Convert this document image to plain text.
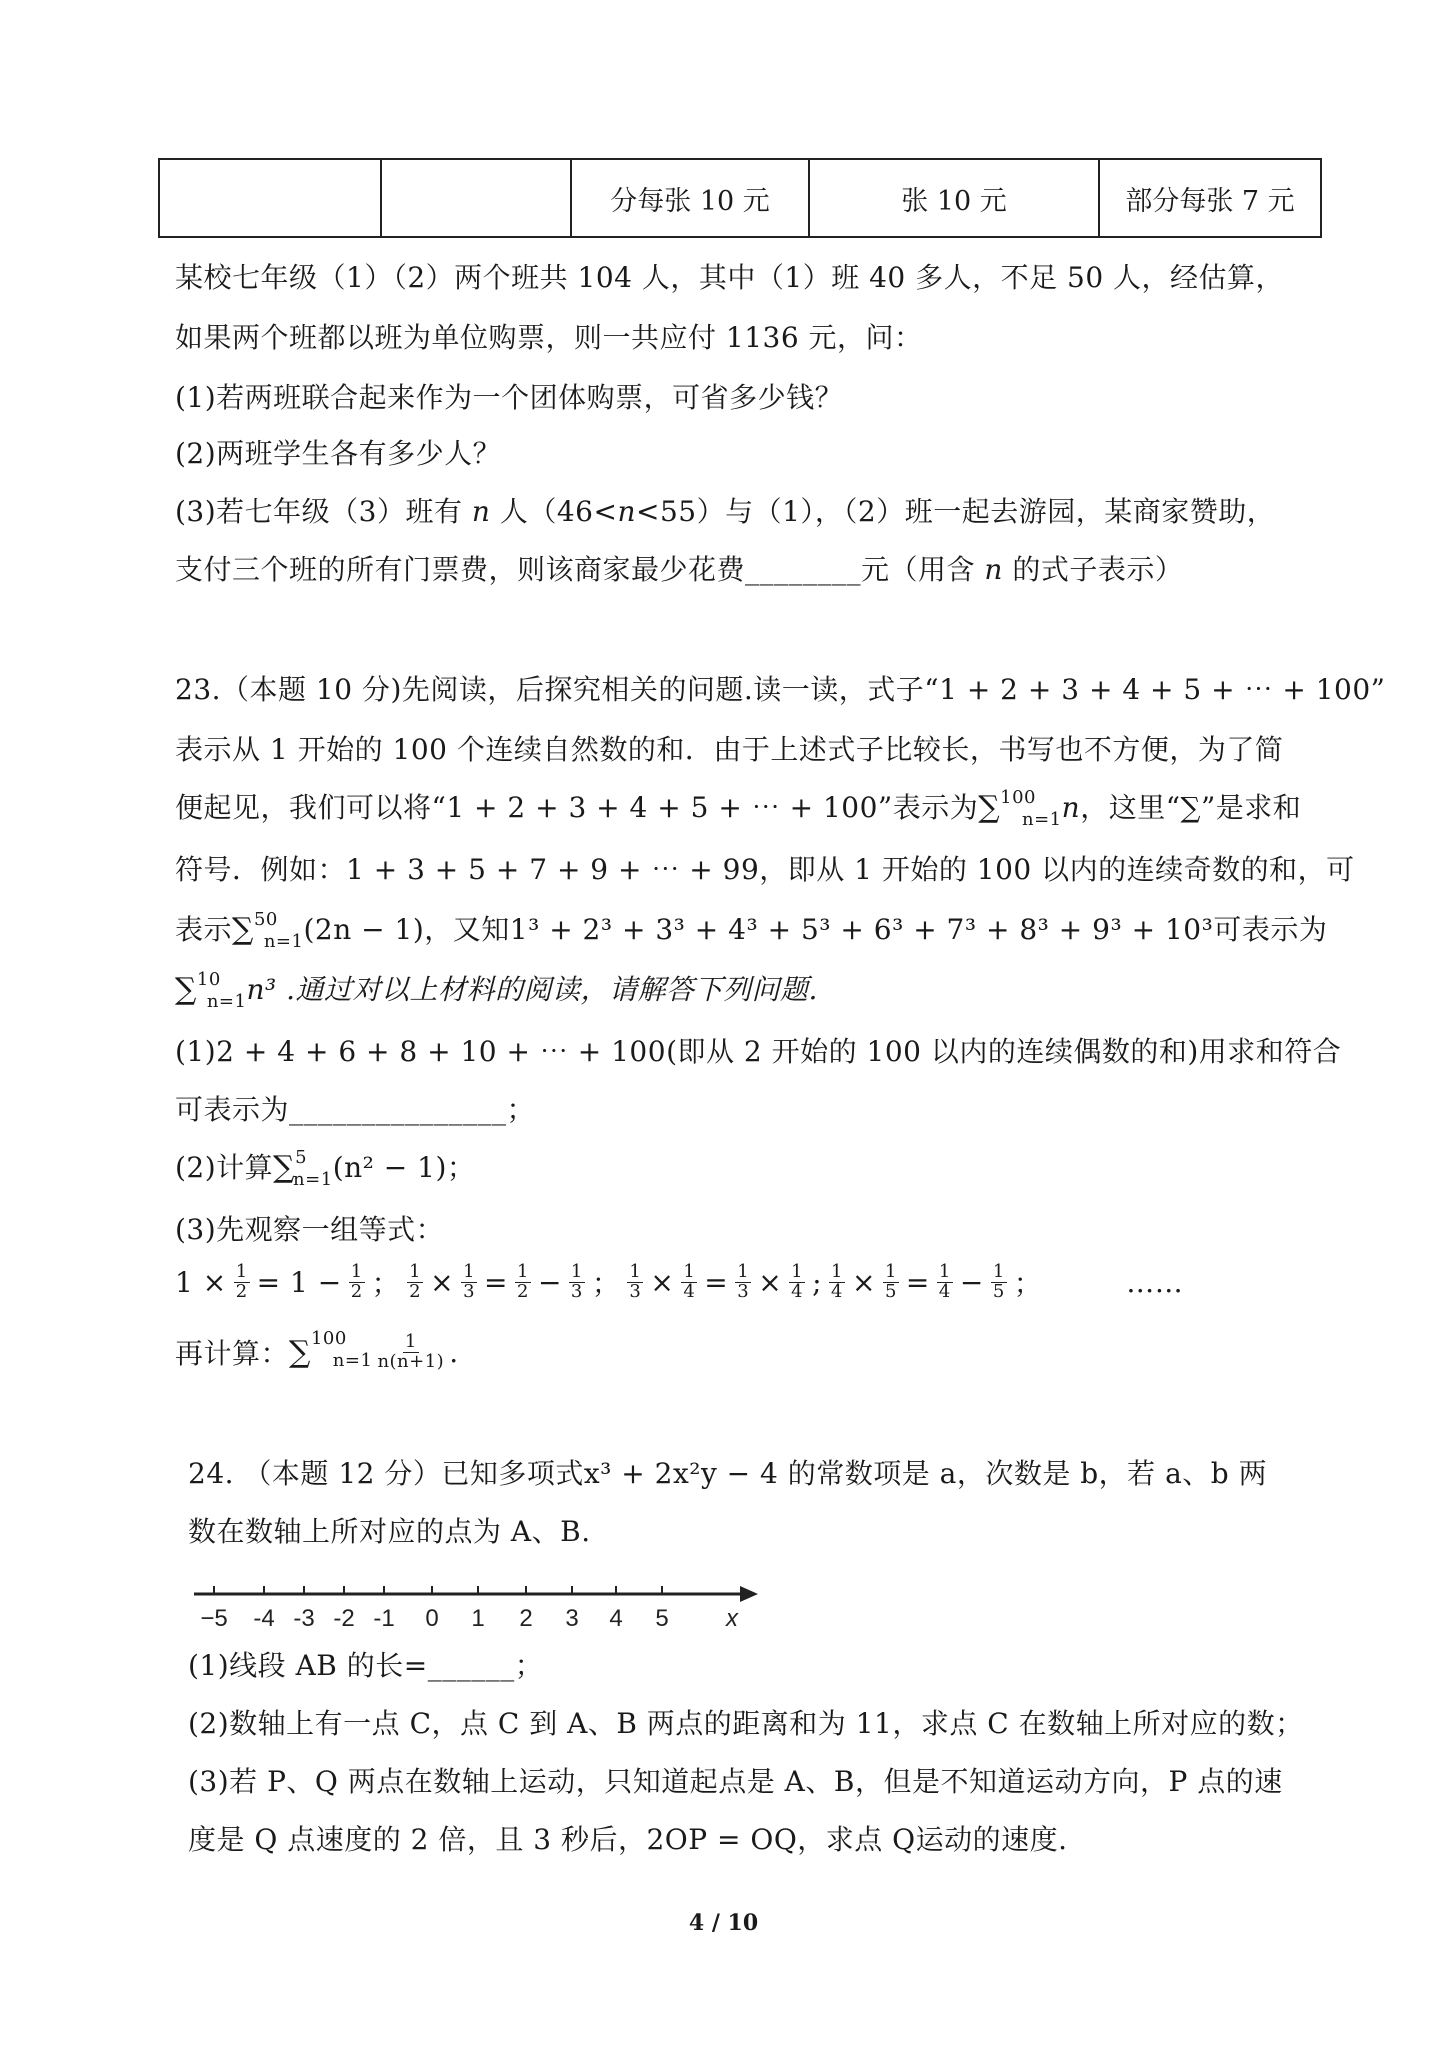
		分每张 10 元	张 10 元	部分每张 7 元
某校七年级（1）（2）两个班共 104 人，其中（1）班 40 多人，不足 50 人，经估算，
如果两个班都以班为单位购票，则一共应付 1136 元，问：
(1)若两班联合起来作为一个团体购票，可省多少钱？
(2)两班学生各有多少人？
(3)若七年级（3）班有 n 人（46<n<55）与（1），（2）班一起去游园，某商家赞助，
支付三个班的所有门票费，则该商家最少花费________元（用含 n 的式子表示）
23.（本题 10 分)先阅读，后探究相关的问题.读一读，式子“1 + 2 + 3 + 4 + 5 + ⋯ + 100”
表示从 1 开始的 100 个连续自然数的和．由于上述式子比较长，书写也不方便，为了简
便起见，我们可以将“1 + 2 + 3 + 4 + 5 + ⋯ + 100”表示为∑$^{100}_{n=1}$n，这里“∑”是求和
符号．例如：1 + 3 + 5 + 7 + 9 + ⋯ + 99，即从 1 开始的 100 以内的连续奇数的和，可
表示∑$^{50}_{n=1}$(2n − 1)，又知1³ + 2³ + 3³ + 4³ + 5³ + 6³ + 7³ + 8³ + 9³ + 10³可表示为
∑$^{10}_{n=1}$n³ .通过对以上材料的阅读，请解答下列问题.
(1)2 + 4 + 6 + 8 + 10 + ⋯ + 100(即从 2 开始的 100 以内的连续偶数的和)用求和符合
可表示为_______________；
(2)计算∑$^5_{n=1}$(n² − 1)；
(3)先观察一组等式：
$1 \times \frac{1}{2} = 1 - \frac{1}{2}$ ； $\frac{1}{2} \times \frac{1}{3} = \frac{1}{2} - \frac{1}{3}$ ； $\frac{1}{3} \times \frac{1}{4} = \frac{1}{3} \times \frac{1}{4}$ ; $\frac{1}{4} \times \frac{1}{5} = \frac{1}{4} - \frac{1}{5}$ ；	……
再计算： ∑ 100
$n=1 \frac{1}{n(n+1)}$ .
24. （本题 12 分）已知多项式x³ + 2x²y − 4 的常数项是 a，次数是 b，若 a、b 两
数在数轴上所对应的点为 A、B.
−5 -4 -3 -2 -1 0 1 2 3 4 5 x
(1)线段 AB 的长=______；
(2)数轴上有一点 C，点 C 到 A、B 两点的距离和为 11，求点 C 在数轴上所对应的数；
(3)若 P、Q 两点在数轴上运动，只知道起点是 A、B，但是不知道运动方向，P 点的速
度是 Q 点速度的 2 倍，且 3 秒后，2OP = OQ，求点 Q运动的速度.
4 / 10
